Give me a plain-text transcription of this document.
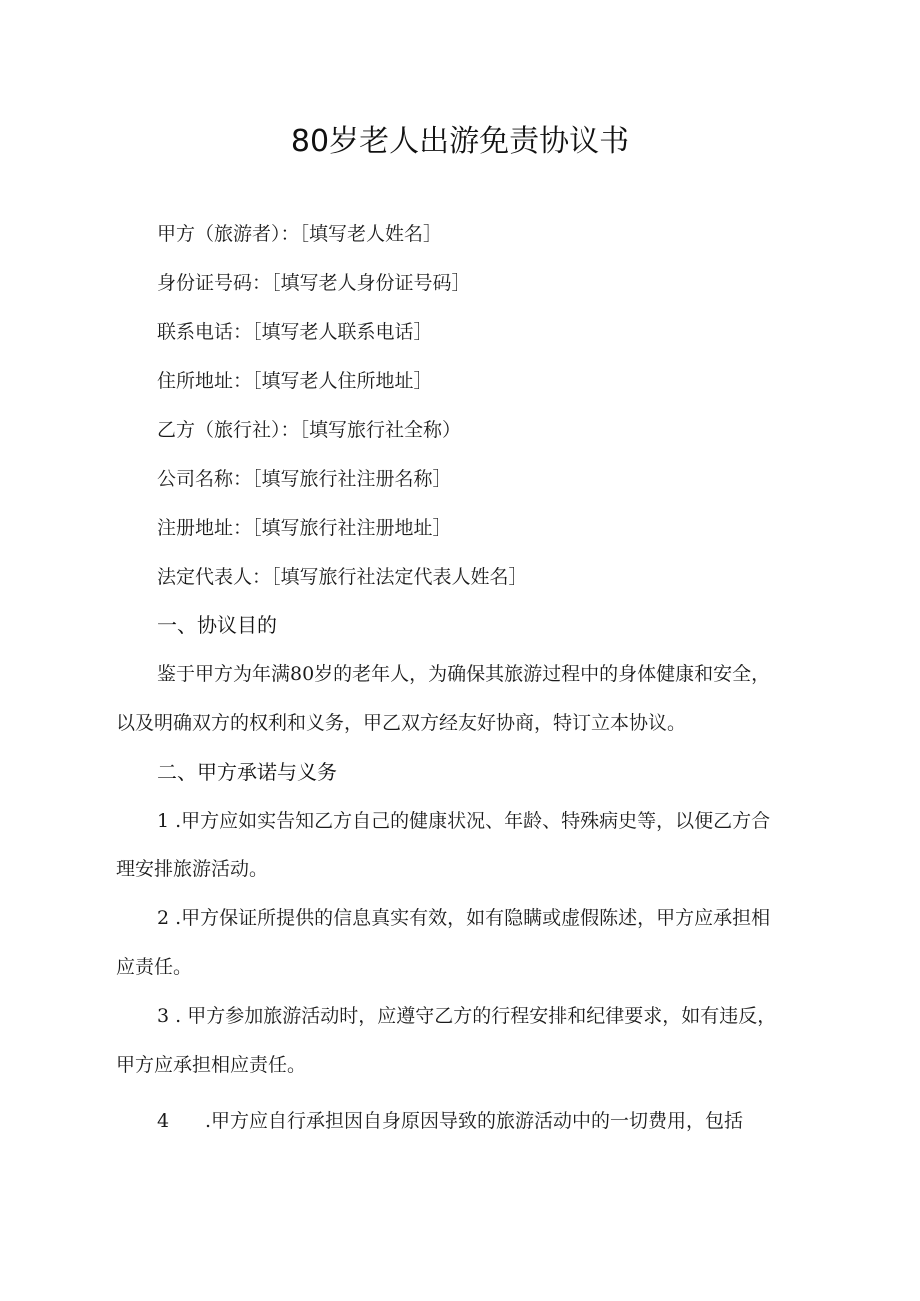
80岁老人出游免责协议书
甲方（旅游者）：［填写老人姓名］
身份证号码：［填写老人身份证号码］
联系电话：［填写老人联系电话］
住所地址：［填写老人住所地址］
乙方（旅行社）：［填写旅行社全称）
公司名称：［填写旅行社注册名称］
注册地址：［填写旅行社注册地址］
法定代表人：［填写旅行社法定代表人姓名］
一、协议目的
鉴于甲方为年满80岁的老年人，为确保其旅游过程中的身体健康和安全，
以及明确双方的权利和义务，甲乙双方经友好协商，特订立本协议。
二、甲方承诺与义务
1 .甲方应如实告知乙方自己的健康状况、年龄、特殊病史等，以便乙方合
理安排旅游活动。
2 .甲方保证所提供的信息真实有效，如有隐瞒或虚假陈述，甲方应承担相
应责任。
3 . 甲方参加旅游活动时，应遵守乙方的行程安排和纪律要求，如有违反，
甲方应承担相应责任。
4 .甲方应自行承担因自身原因导致的旅游活动中的一切费用，包括
